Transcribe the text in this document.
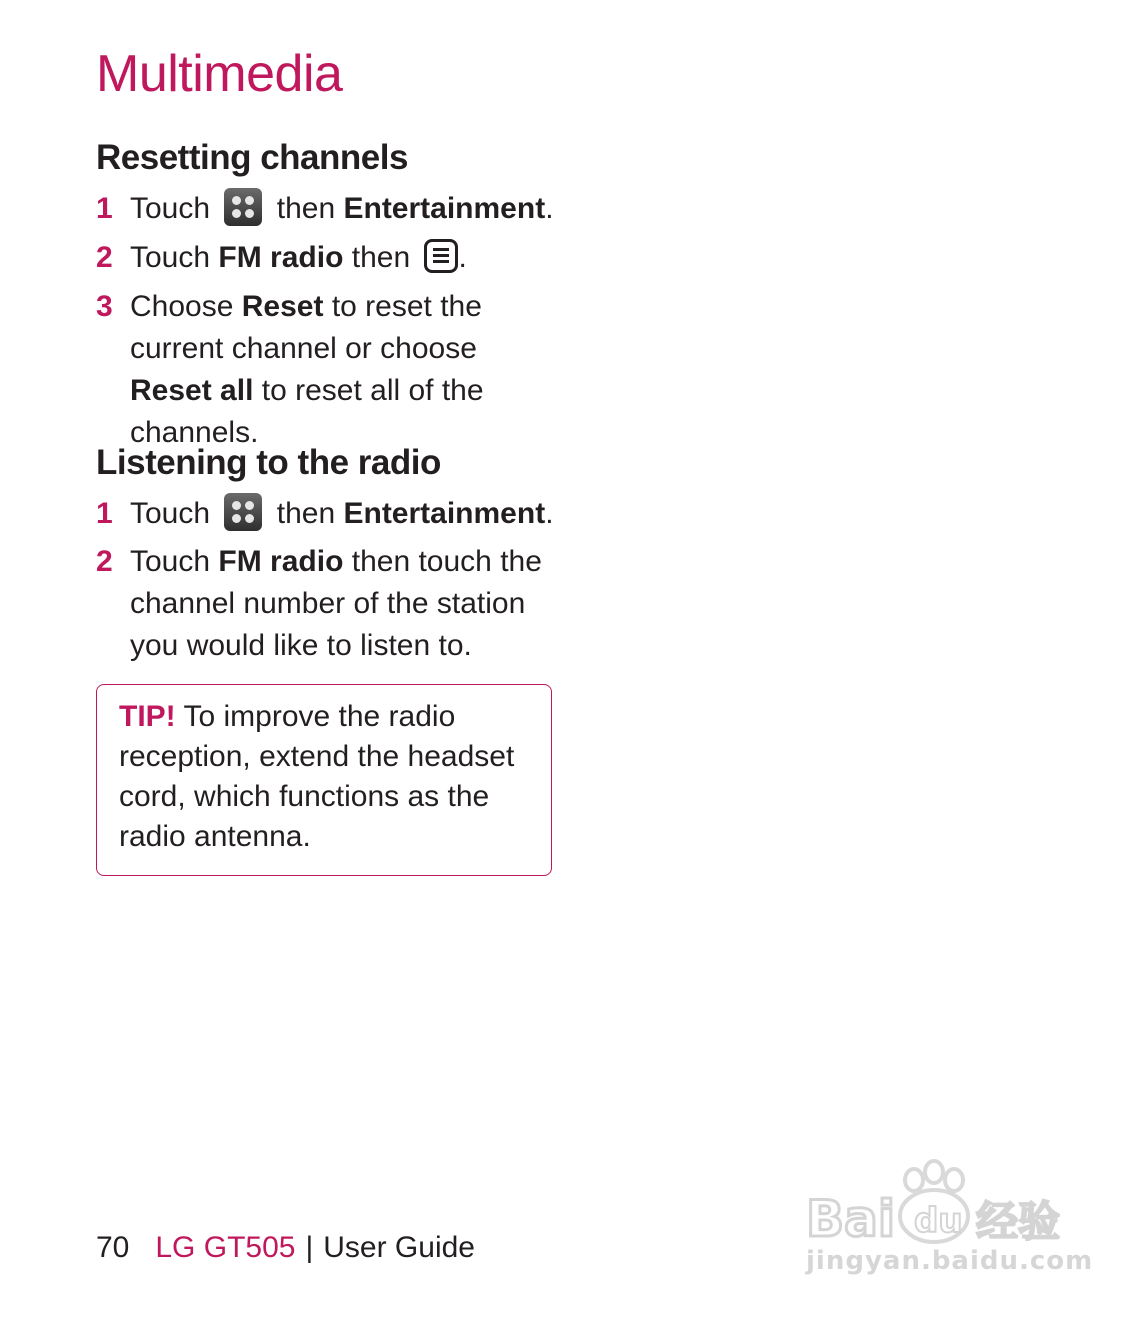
Multimedia
Resetting channels
1 Touch then Entertainment.
2 Touch FM radio then .
3 Choose Reset to reset the current channel or choose Reset all to reset all of the channels.
Listening to the radio
1 Touch then Entertainment.
2 Touch FM radio then touch the channel number of the station you would like to listen to.
TIP! To improve the radio reception, extend the headset cord, which functions as the radio antenna.
70 LG GT505 | User Guide	Bai du 经验
jingyan.baidu.com
